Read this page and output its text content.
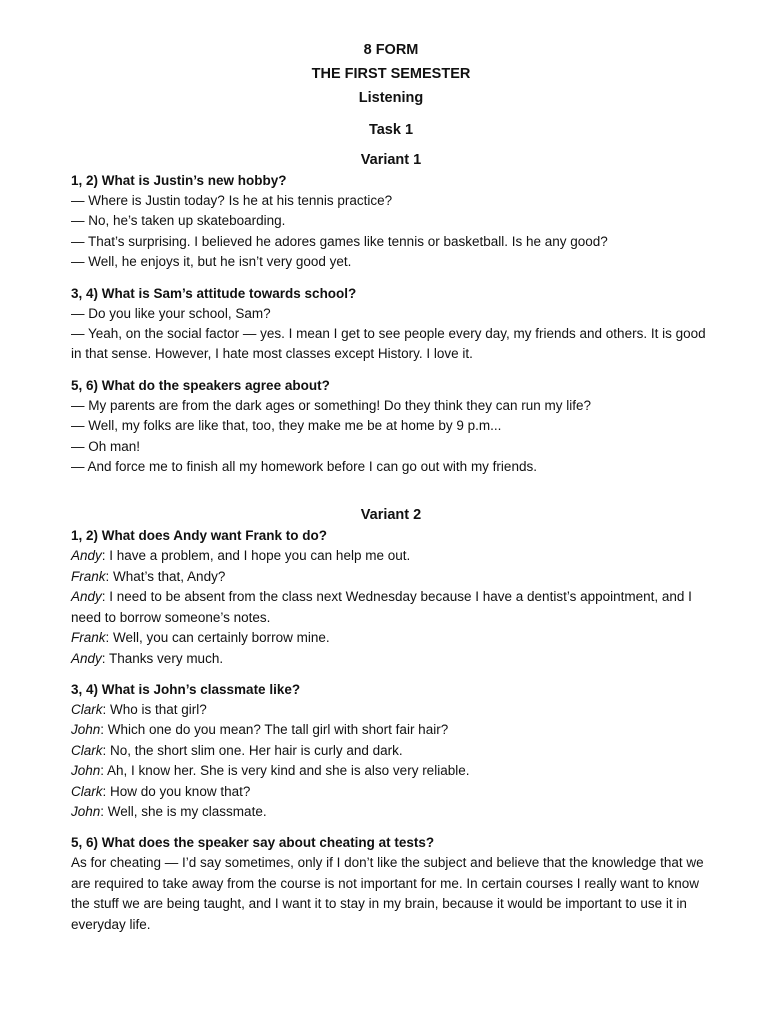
8 FORM
THE FIRST SEMESTER
Listening
Task 1
Variant 1
1, 2) What is Justin’s new hobby?
— Where is Justin today? Is he at his tennis practice?
— No, he’s taken up skateboarding.
— That’s surprising. I believed he adores games like tennis or basketball. Is he any good?
— Well, he enjoys it, but he isn’t very good yet.
3, 4) What is Sam’s attitude towards school?
— Do you like your school, Sam?
— Yeah, on the social factor — yes. I mean I get to see people every day, my friends and others. It is good in that sense. However, I hate most classes except History. I love it.
5, 6) What do the speakers agree about?
— My parents are from the dark ages or something! Do they think they can run my life?
— Well, my folks are like that, too, they make me be at home by 9 p.m...
— Oh man!
— And force me to finish all my homework before I can go out with my friends.
Variant 2
1, 2) What does Andy want Frank to do?
Andy: I have a problem, and I hope you can help me out.
Frank: What’s that, Andy?
Andy: I need to be absent from the class next Wednesday because I have a dentist’s appointment, and I need to borrow someone’s notes.
Frank: Well, you can certainly borrow mine.
Andy: Thanks very much.
3, 4) What is John’s classmate like?
Clark: Who is that girl?
John: Which one do you mean? The tall girl with short fair hair?
Clark: No, the short slim one. Her hair is curly and dark.
John: Ah, I know her. She is very kind and she is also very reliable.
Clark: How do you know that?
John: Well, she is my classmate.
5, 6) What does the speaker say about cheating at tests?
As for cheating — I’d say sometimes, only if I don’t like the subject and believe that the knowledge that we are required to take away from the course is not important for me. In certain courses I really want to know the stuff we are being taught, and I want it to stay in my brain, because it would be important to use it in everyday life.
